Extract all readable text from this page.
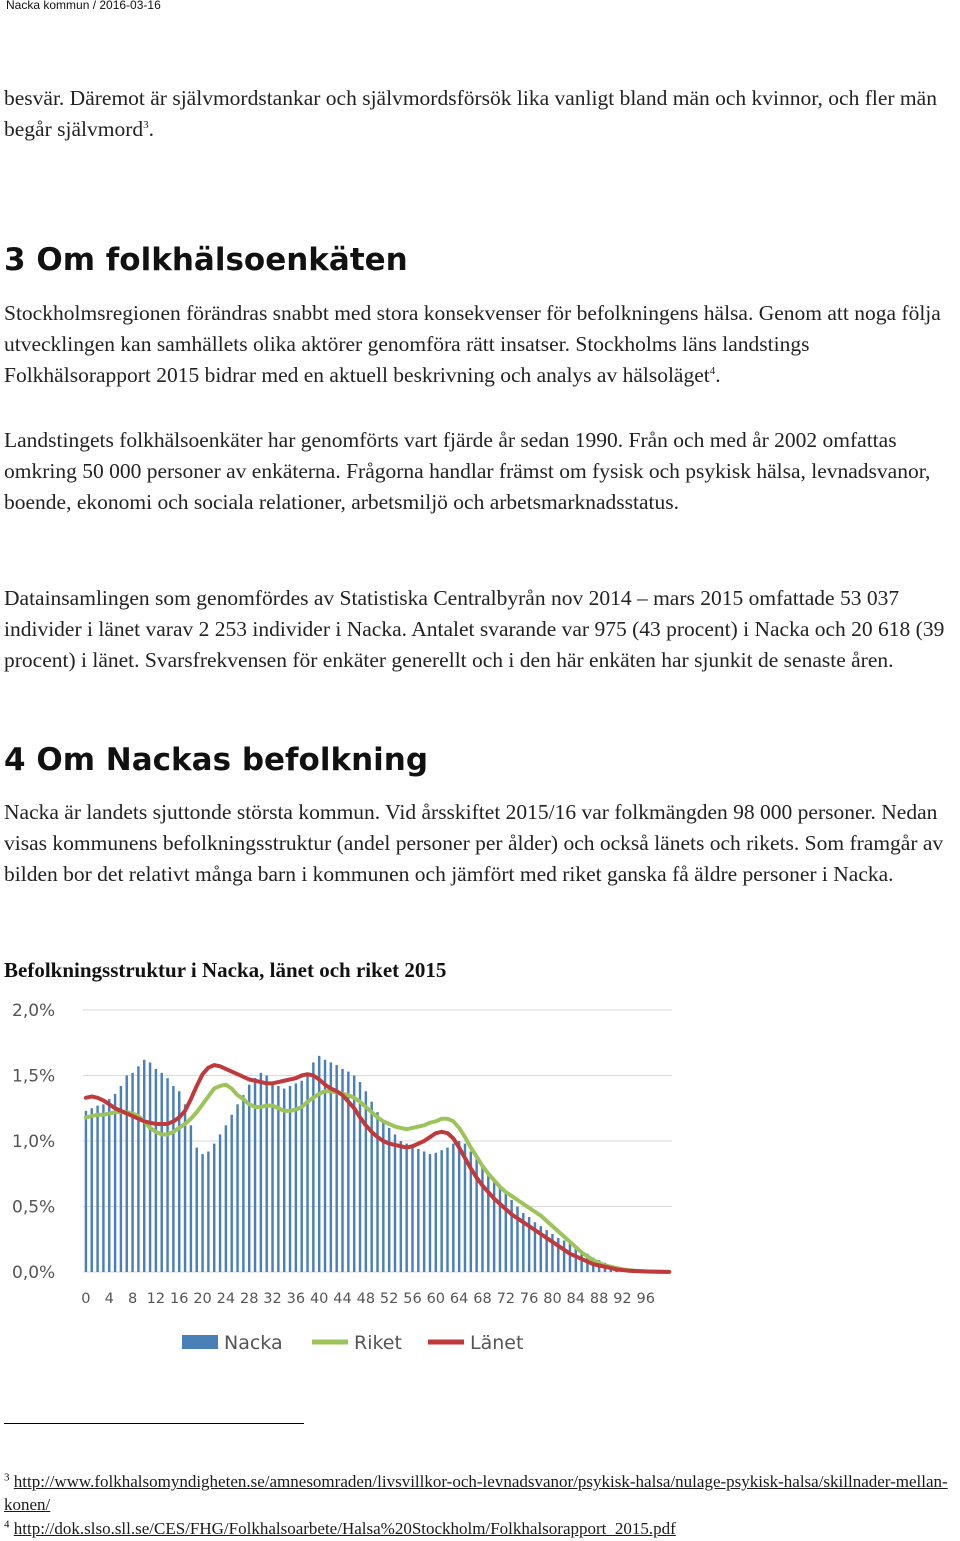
Nacka kommun / 2016-03-16

besvär. Däremot är självmordstankar och självmordsförsök lika vanligt bland män och kvinnor, och fler män begår självmord$^3$.

3 Om folkhälsoenkäten

Stockholmsregionen förändras snabbt med stora konsekvenser för befolkningens hälsa. Genom att noga följa utvecklingen kan samhällets olika aktörer genomföra rätt insatser. Stockholms läns landstings Folkhälsorapport 2015 bidrar med en aktuell beskrivning och analys av hälsoläget$^4$.

Landstingets folkhälsoenkäter har genomförts vart fjärde år sedan 1990. Från och med år 2002 omfattas omkring 50 000 personer av enkäterna. Frågorna handlar främst om fysisk och psykisk hälsa, levnadsvanor, boende, ekonomi och sociala relationer, arbetsmiljö och arbetsmarknadsstatus.

Datainsamlingen som genomfördes av Statistiska Centralbyrån nov 2014 – mars 2015 omfattade 53 037 individer i länet varav 2 253 individer i Nacka. Antalet svarande var 975 (43 procent) i Nacka och 20 618 (39 procent) i länet. Svarsfrekvensen för enkäter generellt och i den här enkäten har sjunkit de senaste åren.

4 Om Nackas befolkning

Nacka är landets sjuttonde största kommun. Vid årsskiftet 2015/16 var folkmängden 98 000 personer. Nedan visas kommunens befolkningsstruktur (andel personer per ålder) och också länets och rikets. Som framgår av bilden bor det relativt många barn i kommunen och jämfört med riket ganska få äldre personer i Nacka.

Befolkningsstruktur i Nacka, länet och riket 2015
0,0%
0,5%
1,0%
1,5%
2,0%
0 4 8 12 16 20 24 28 32 36 40 44 48 52 56 60 64 68 72 76 80 84 88 92 96
Nacka	Riket	Länet

$^3$ http://www.folkhalsomyndigheten.se/amnesomraden/livsvillkor-och-levnadsvanor/psykisk-halsa/nulage-psykisk-halsa/skillnader-mellan-konen/

$^4$ http://dok.slso.sll.se/CES/FHG/Folkhalsoarbete/Halsa%20Stockholm/Folkhalsorapport_2015.pdf
